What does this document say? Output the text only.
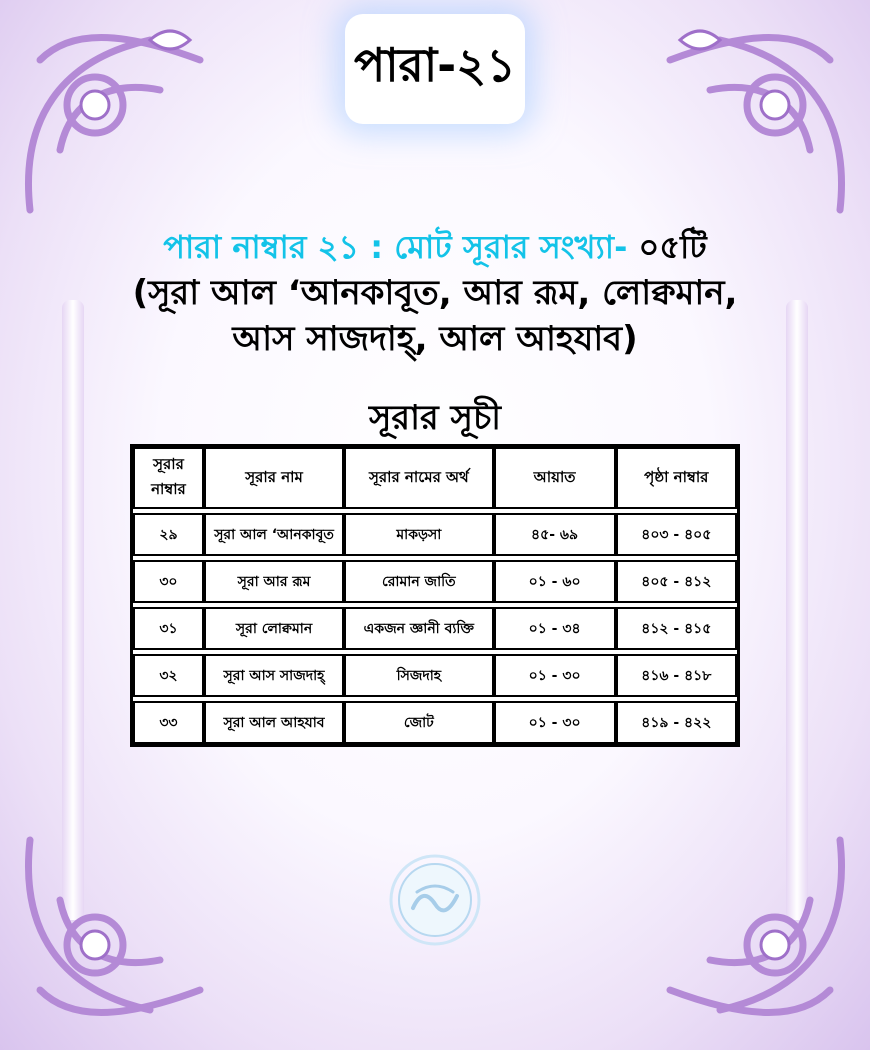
পারা-২১
পারা নাম্বার ২১ : মোট সূরার সংখ্যা- ০৫টি
(সূরা আল ‘আনকাবূত, আর রূম, লোক্বমান,
আস সাজদাহ্‌, আল আহযাব)
সূরার সূচী
সূরার নাম্বার	সূরার নাম	সূরার নামের অর্থ	আয়াত	পৃষ্ঠা নাম্বার

২৯	সূরা আল ‘আনকাবূত	মাকড়সা	৪৫- ৬৯	৪০৩ - ৪০৫

৩০	সূরা আর রূম	রোমান জাতি	০১ - ৬০	৪০৫ - ৪১২

৩১	সূরা লোক্বমান	একজন জ্ঞানী ব্যক্তি	০১ - ৩৪	৪১২ - ৪১৫

৩২	সূরা আস সাজদাহ্‌	সিজদাহ	০১ - ৩০	৪১৬ - ৪১৮

৩৩	সূরা আল আহযাব	জোট	০১ - ৩০	৪১৯ - ৪২২
